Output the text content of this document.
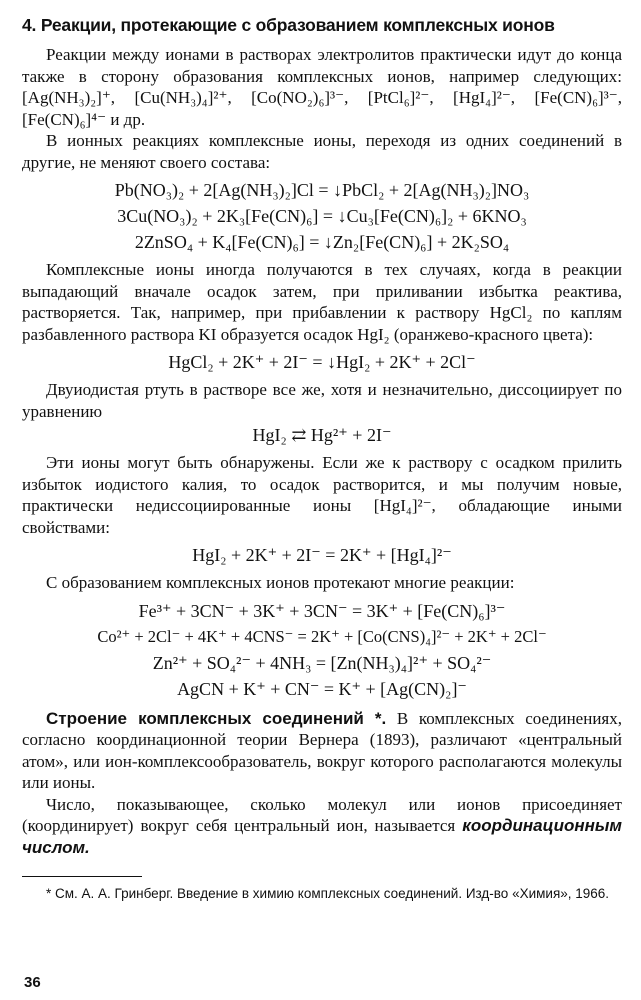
4. Реакции, протекающие с образованием комплексных ионов

Реакции между ионами в растворах электролитов практически идут до конца также в сторону образования комплексных ионов, например следующих: [Ag(NH₃)₂]⁺, [Cu(NH₃)₄]²⁺, [Co(NO₂)₆]³⁻, [PtCl₆]²⁻, [HgI₄]²⁻, [Fe(CN)₆]³⁻, [Fe(CN)₆]⁴⁻ и др.

В ионных реакциях комплексные ионы, переходя из одних соединений в другие, не меняют своего состава:

Pb(NO₃)₂ + 2[Ag(NH₃)₂]Cl = ↓PbCl₂ + 2[Ag(NH₃)₂]NO₃
3Cu(NO₃)₂ + 2K₃[Fe(CN)₆] = ↓Cu₃[Fe(CN)₆]₂ + 6KNO₃
2ZnSO₄ + K₄[Fe(CN)₆] = ↓Zn₂[Fe(CN)₆] + 2K₂SO₄

Комплексные ионы иногда получаются в тех случаях, когда в реакции выпадающий вначале осадок затем, при приливании избытка реактива, растворяется. Так, например, при прибавлении к раствору HgCl₂ по каплям разбавленного раствора KI образуется осадок HgI₂ (оранжево-красного цвета):

HgCl₂ + 2K⁺ + 2I⁻ = ↓HgI₂ + 2K⁺ + 2Cl⁻

Двуиодистая ртуть в растворе все же, хотя и незначительно, диссоциирует по уравнению

HgI₂ ⇄ Hg²⁺ + 2I⁻

Эти ионы могут быть обнаружены. Если же к раствору с осадком прилить избыток иодистого калия, то осадок растворится, и мы получим новые, практически недиссоциированные ионы [HgI₄]²⁻, обладающие иными свойствами:

HgI₂ + 2K⁺ + 2I⁻ = 2K⁺ + [HgI₄]²⁻

С образованием комплексных ионов протекают многие реакции:

Fe³⁺ + 3CN⁻ + 3K⁺ + 3CN⁻ = 3K⁺ + [Fe(CN)₆]³⁻
Co²⁺ + 2Cl⁻ + 4K⁺ + 4CNS⁻ = 2K⁺ + [Co(CNS)₄]²⁻ + 2K⁺ + 2Cl⁻
Zn²⁺ + SO₄²⁻ + 4NH₃ = [Zn(NH₃)₄]²⁺ + SO₄²⁻
AgCN + K⁺ + CN⁻ = K⁺ + [Ag(CN)₂]⁻

Строение комплексных соединений *. В комплексных соединениях, согласно координационной теории Вернера (1893), различают «центральный атом», или ион-комплексообразователь, вокруг которого располагаются молекулы или ионы.

Число, показывающее, сколько молекул или ионов присоединяет (координирует) вокруг себя центральный ион, называется координационным числом.

* См. А. А. Гринберг. Введение в химию комплексных соединений. Изд-во «Химия», 1966.

36
